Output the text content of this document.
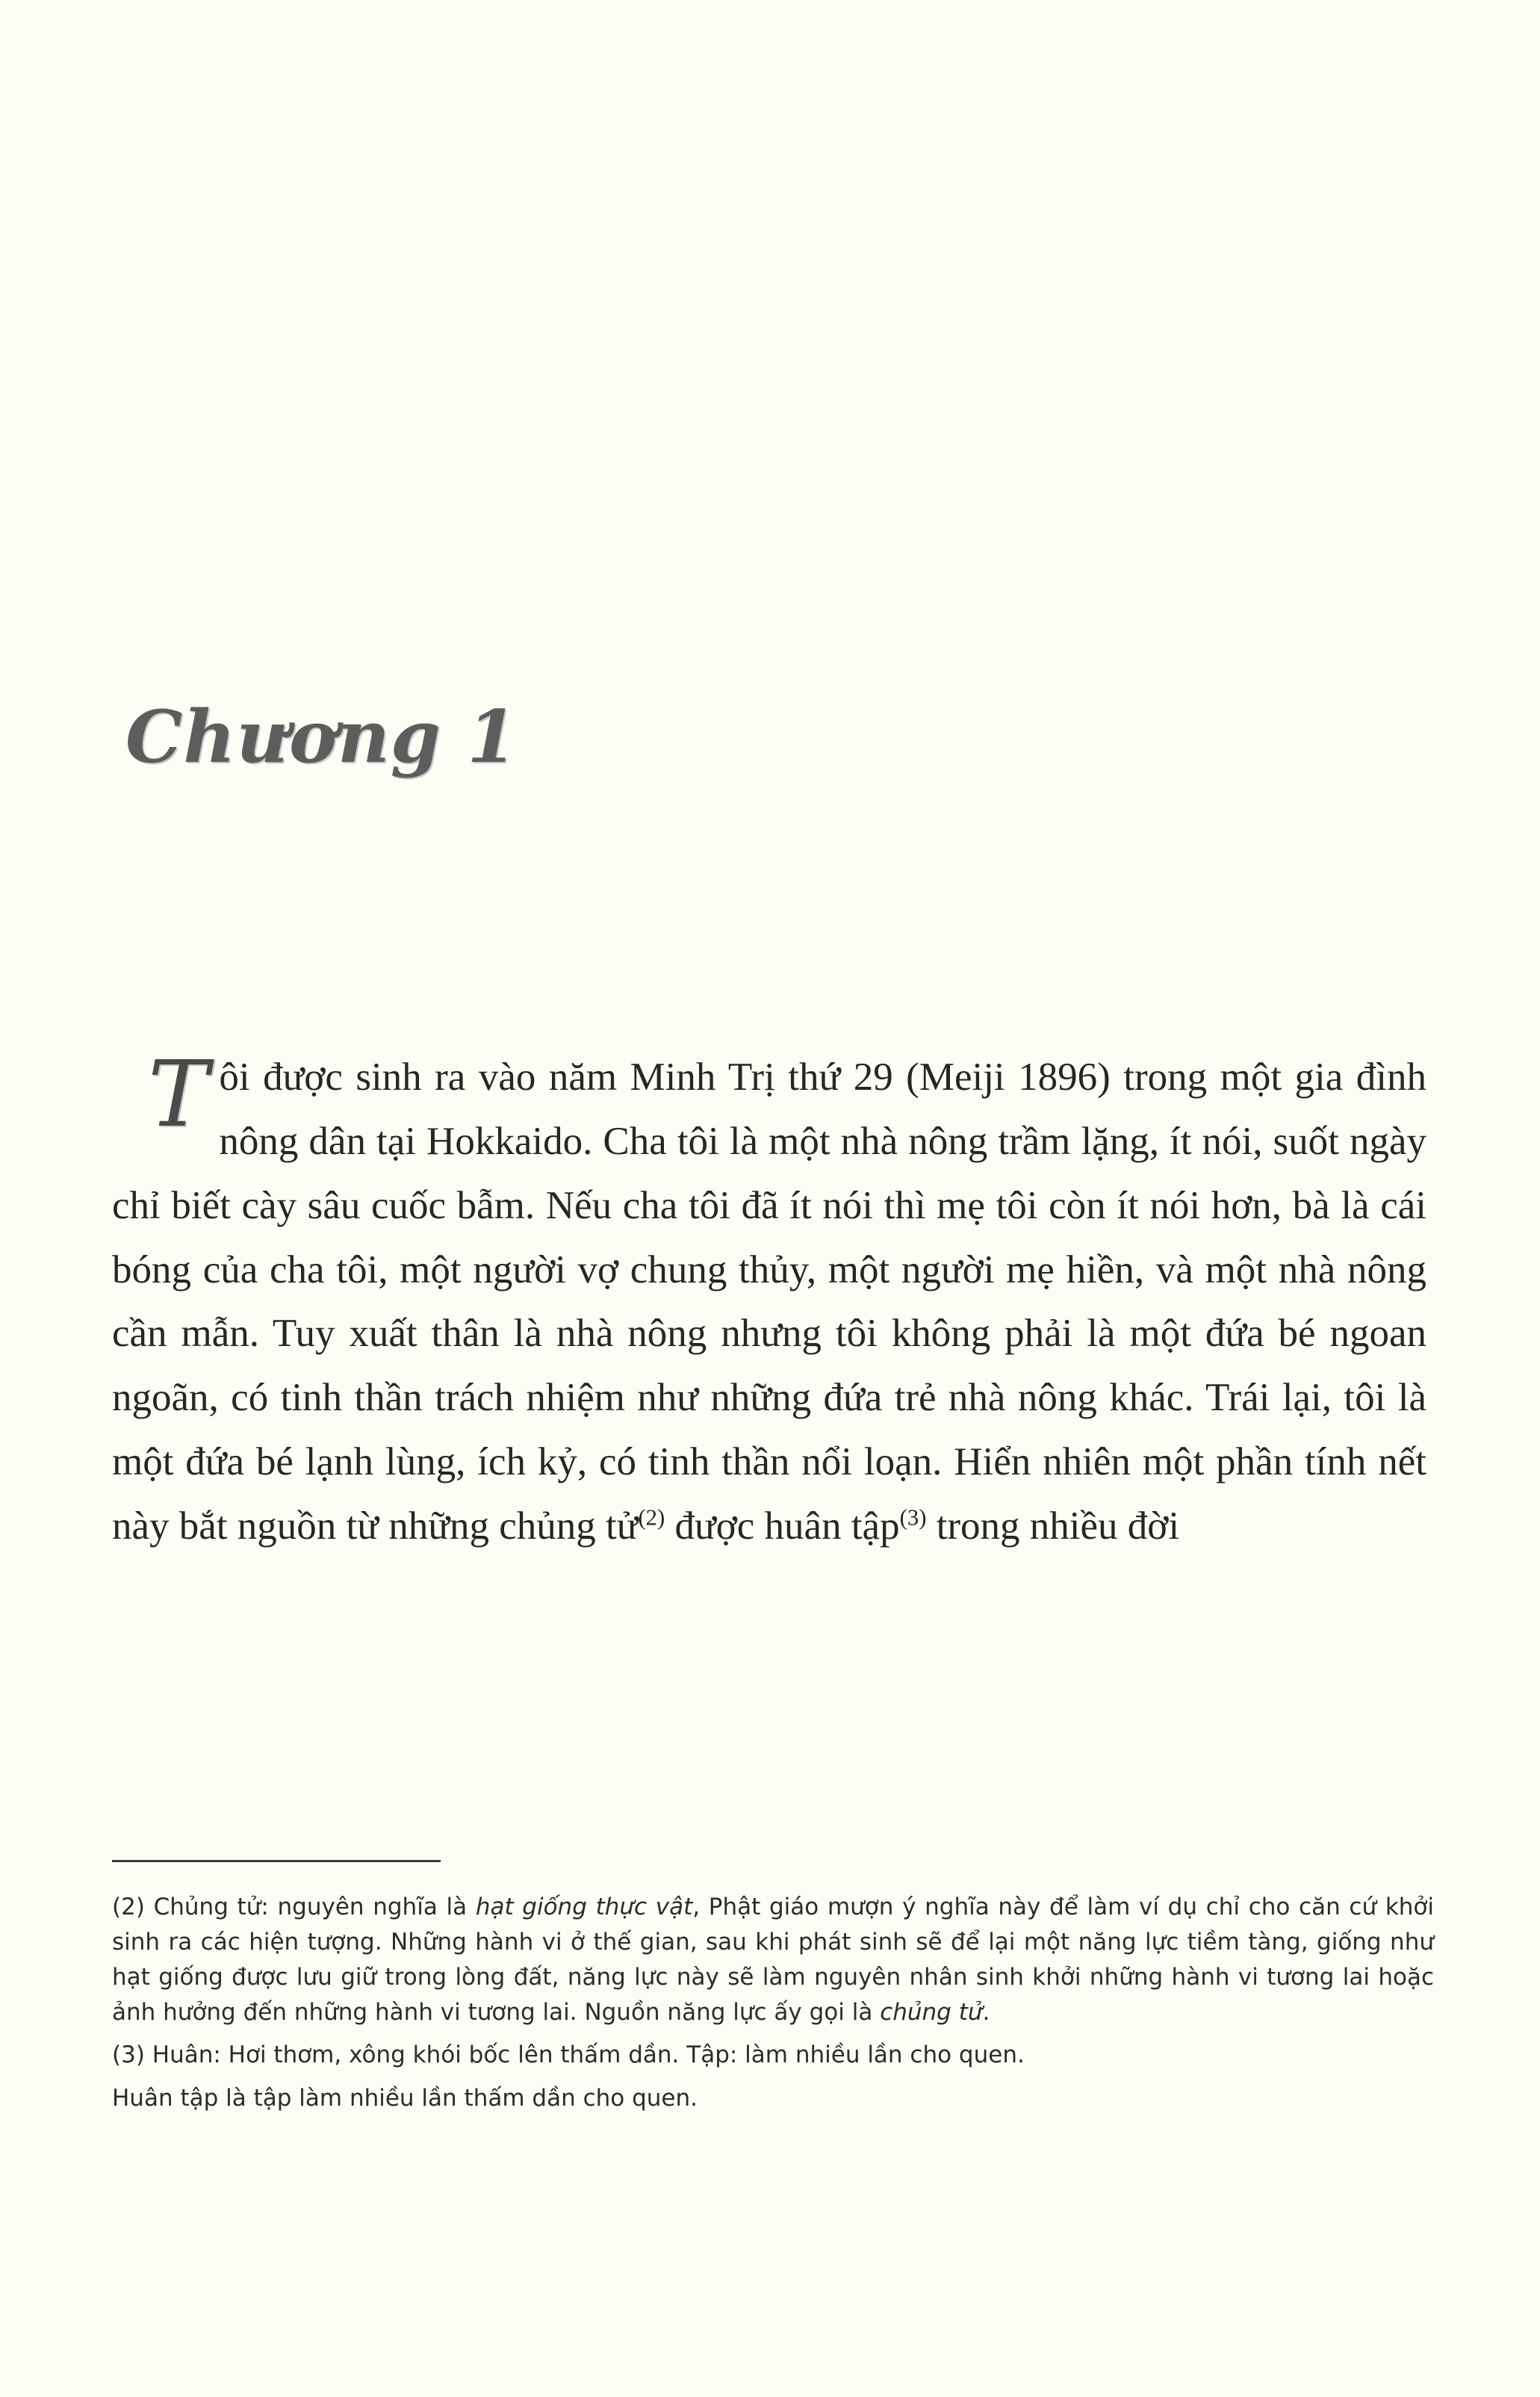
Chương 1

Tôi được sinh ra vào năm Minh Trị thứ 29 (Meiji 1896) trong một gia đình nông dân tại Hokkaido. Cha tôi là một nhà nông trầm lặng, ít nói, suốt ngày chỉ biết cày sâu cuốc bẫm. Nếu cha tôi đã ít nói thì mẹ tôi còn ít nói hơn, bà là cái bóng của cha tôi, một người vợ chung thủy, một người mẹ hiền, và một nhà nông cần mẫn. Tuy xuất thân là nhà nông nhưng tôi không phải là một đứa bé ngoan ngoãn, có tinh thần trách nhiệm như những đứa trẻ nhà nông khác. Trái lại, tôi là một đứa bé lạnh lùng, ích kỷ, có tinh thần nổi loạn. Hiển nhiên một phần tính nết này bắt nguồn từ những chủng tử$^{(2)}$ được huân tập$^{(3)}$ trong nhiều đời

(2) Chủng tử: nguyên nghĩa là hạt giống thực vật, Phật giáo mượn ý nghĩa này để làm ví dụ chỉ cho căn cứ khởi sinh ra các hiện tượng. Những hành vi ở thế gian, sau khi phát sinh sẽ để lại một năng lực tiềm tàng, giống như hạt giống được lưu giữ trong lòng đất, năng lực này sẽ làm nguyên nhân sinh khởi những hành vi tương lai hoặc ảnh hưởng đến những hành vi tương lai. Nguồn năng lực ấy gọi là chủng tử.

(3) Huân: Hơi thơm, xông khói bốc lên thấm dần. Tập: làm nhiều lần cho quen.

Huân tập là tập làm nhiều lần thấm dần cho quen.
